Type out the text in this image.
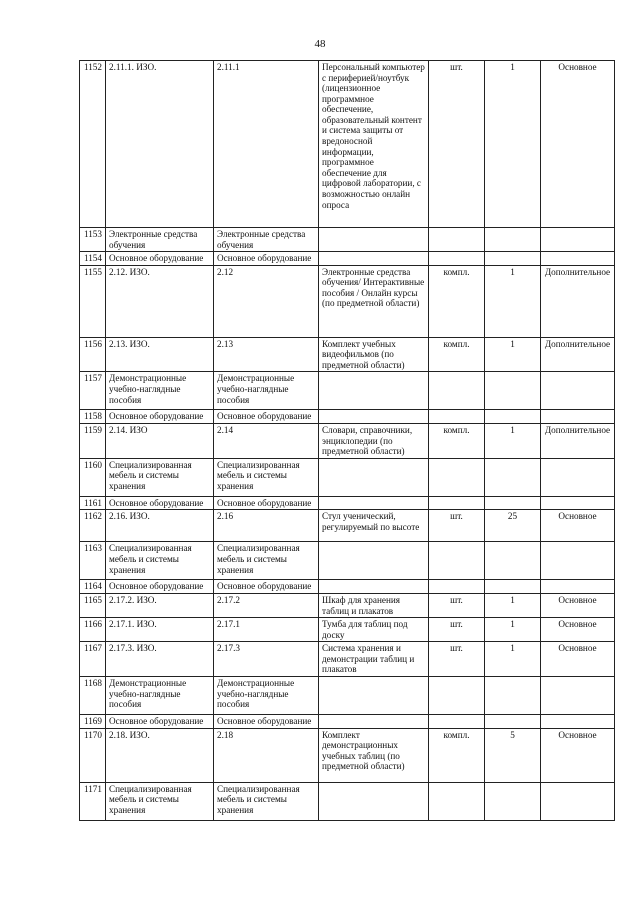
48
1152	2.11.1. ИЗО.	2.11.1	Персональный компьютер с периферией/ноутбук (лицензионное программное обеспечение, образовательный контент и система защиты от вредоносной информации, программное обеспечение для цифровой лаборатории, с возможностью онлайн опроса	шт.	1	Основное
1153	Электронные средства обучения	Электронные средства обучения				
1154	Основное оборудование	Основное оборудование				
1155	2.12. ИЗО.	2.12	Электронные средства обучения/ Интерактивные пособия / Онлайн курсы (по предметной области)	компл.	1	Дополнительное
1156	2.13. ИЗО.	2.13	Комплект учебных видеофильмов (по предметной области)	компл.	1	Дополнительное
1157	Демонстрационные учебно-наглядные пособия	Демонстрационные учебно-наглядные пособия				
1158	Основное оборудование	Основное оборудование				
1159	2.14. ИЗО	2.14	Словари, справочники, энциклопедии (по предметной области)	компл.	1	Дополнительное
1160	Специализированная мебель и системы хранения	Специализированная мебель и системы хранения				
1161	Основное оборудование	Основное оборудование				
1162	2.16. ИЗО.	2.16	Стул ученический, регулируемый по высоте	шт.	25	Основное
1163	Специализированная мебель и системы хранения	Специализированная мебель и системы хранения				
1164	Основное оборудование	Основное оборудование				
1165	2.17.2. ИЗО.	2.17.2	Шкаф для хранения таблиц и плакатов	шт.	1	Основное
1166	2.17.1. ИЗО.	2.17.1	Тумба для таблиц под доску	шт.	1	Основное
1167	2.17.3. ИЗО.	2.17.3	Система хранения и демонстрации таблиц и плакатов	шт.	1	Основное
1168	Демонстрационные учебно-наглядные пособия	Демонстрационные учебно-наглядные пособия				
1169	Основное оборудование	Основное оборудование				
1170	2.18. ИЗО.	2.18	Комплект демонстрационных учебных таблиц (по предметной области)	компл.	5	Основное
1171	Специализированная мебель и системы хранения	Специализированная мебель и системы хранения				
